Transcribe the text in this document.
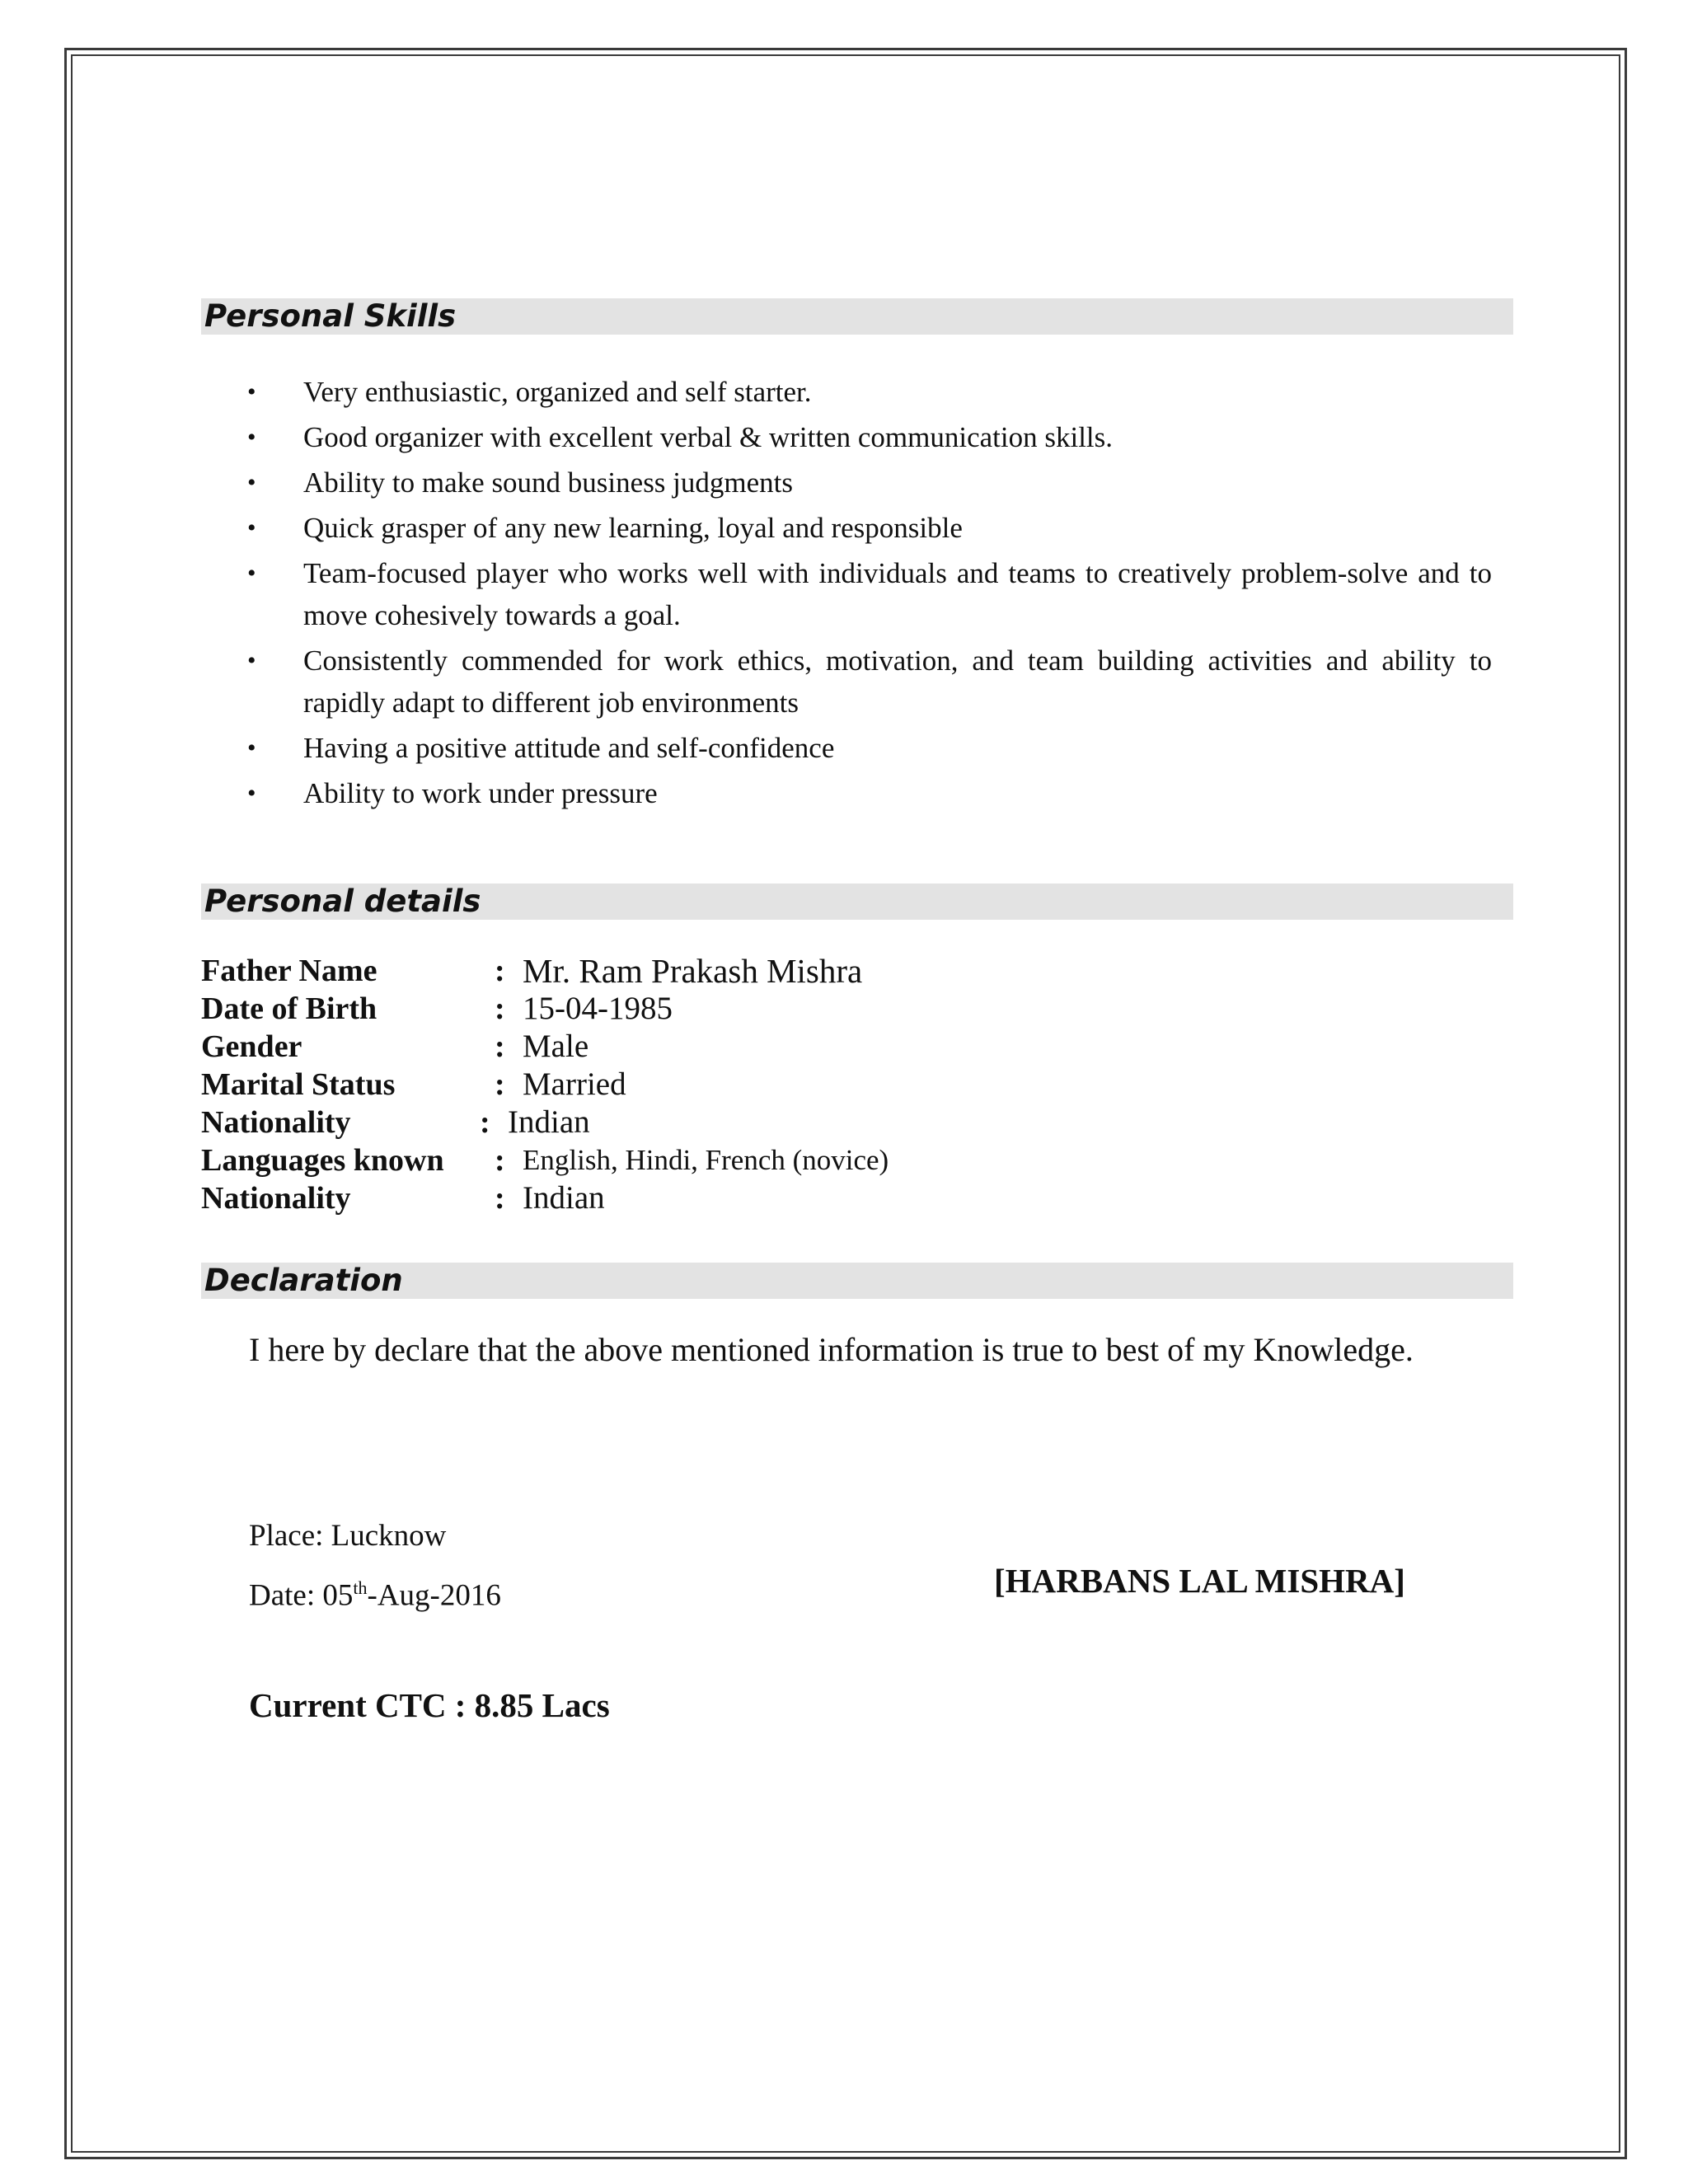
Personal Skills
• Very enthusiastic, organized and self starter.
• Good organizer with excellent verbal & written communication skills.
• Ability to make sound business judgments
• Quick grasper of any new learning, loyal and responsible
• Team-focused player who works well with individuals and teams to creatively problem-solve and to move cohesively towards a goal.
• Consistently commended for work ethics, motivation, and team building activities and ability to rapidly adapt to different job environments
• Having a positive attitude and self-confidence
• Ability to work under pressure
Personal details
Father Name	: Mr. Ram Prakash Mishra
Date of Birth	: 15-04-1985
Gender	: Male
Marital Status	: Married
Nationality	: Indian
Languages known : English, Hindi, French (novice)
Nationality	: Indian
Declaration
I here by declare that the above mentioned information is true to best of my Knowledge.
Place: Lucknow
Date: 05th-Aug-2016	[HARBANS LAL MISHRA]
Current CTC : 8.85 Lacs
